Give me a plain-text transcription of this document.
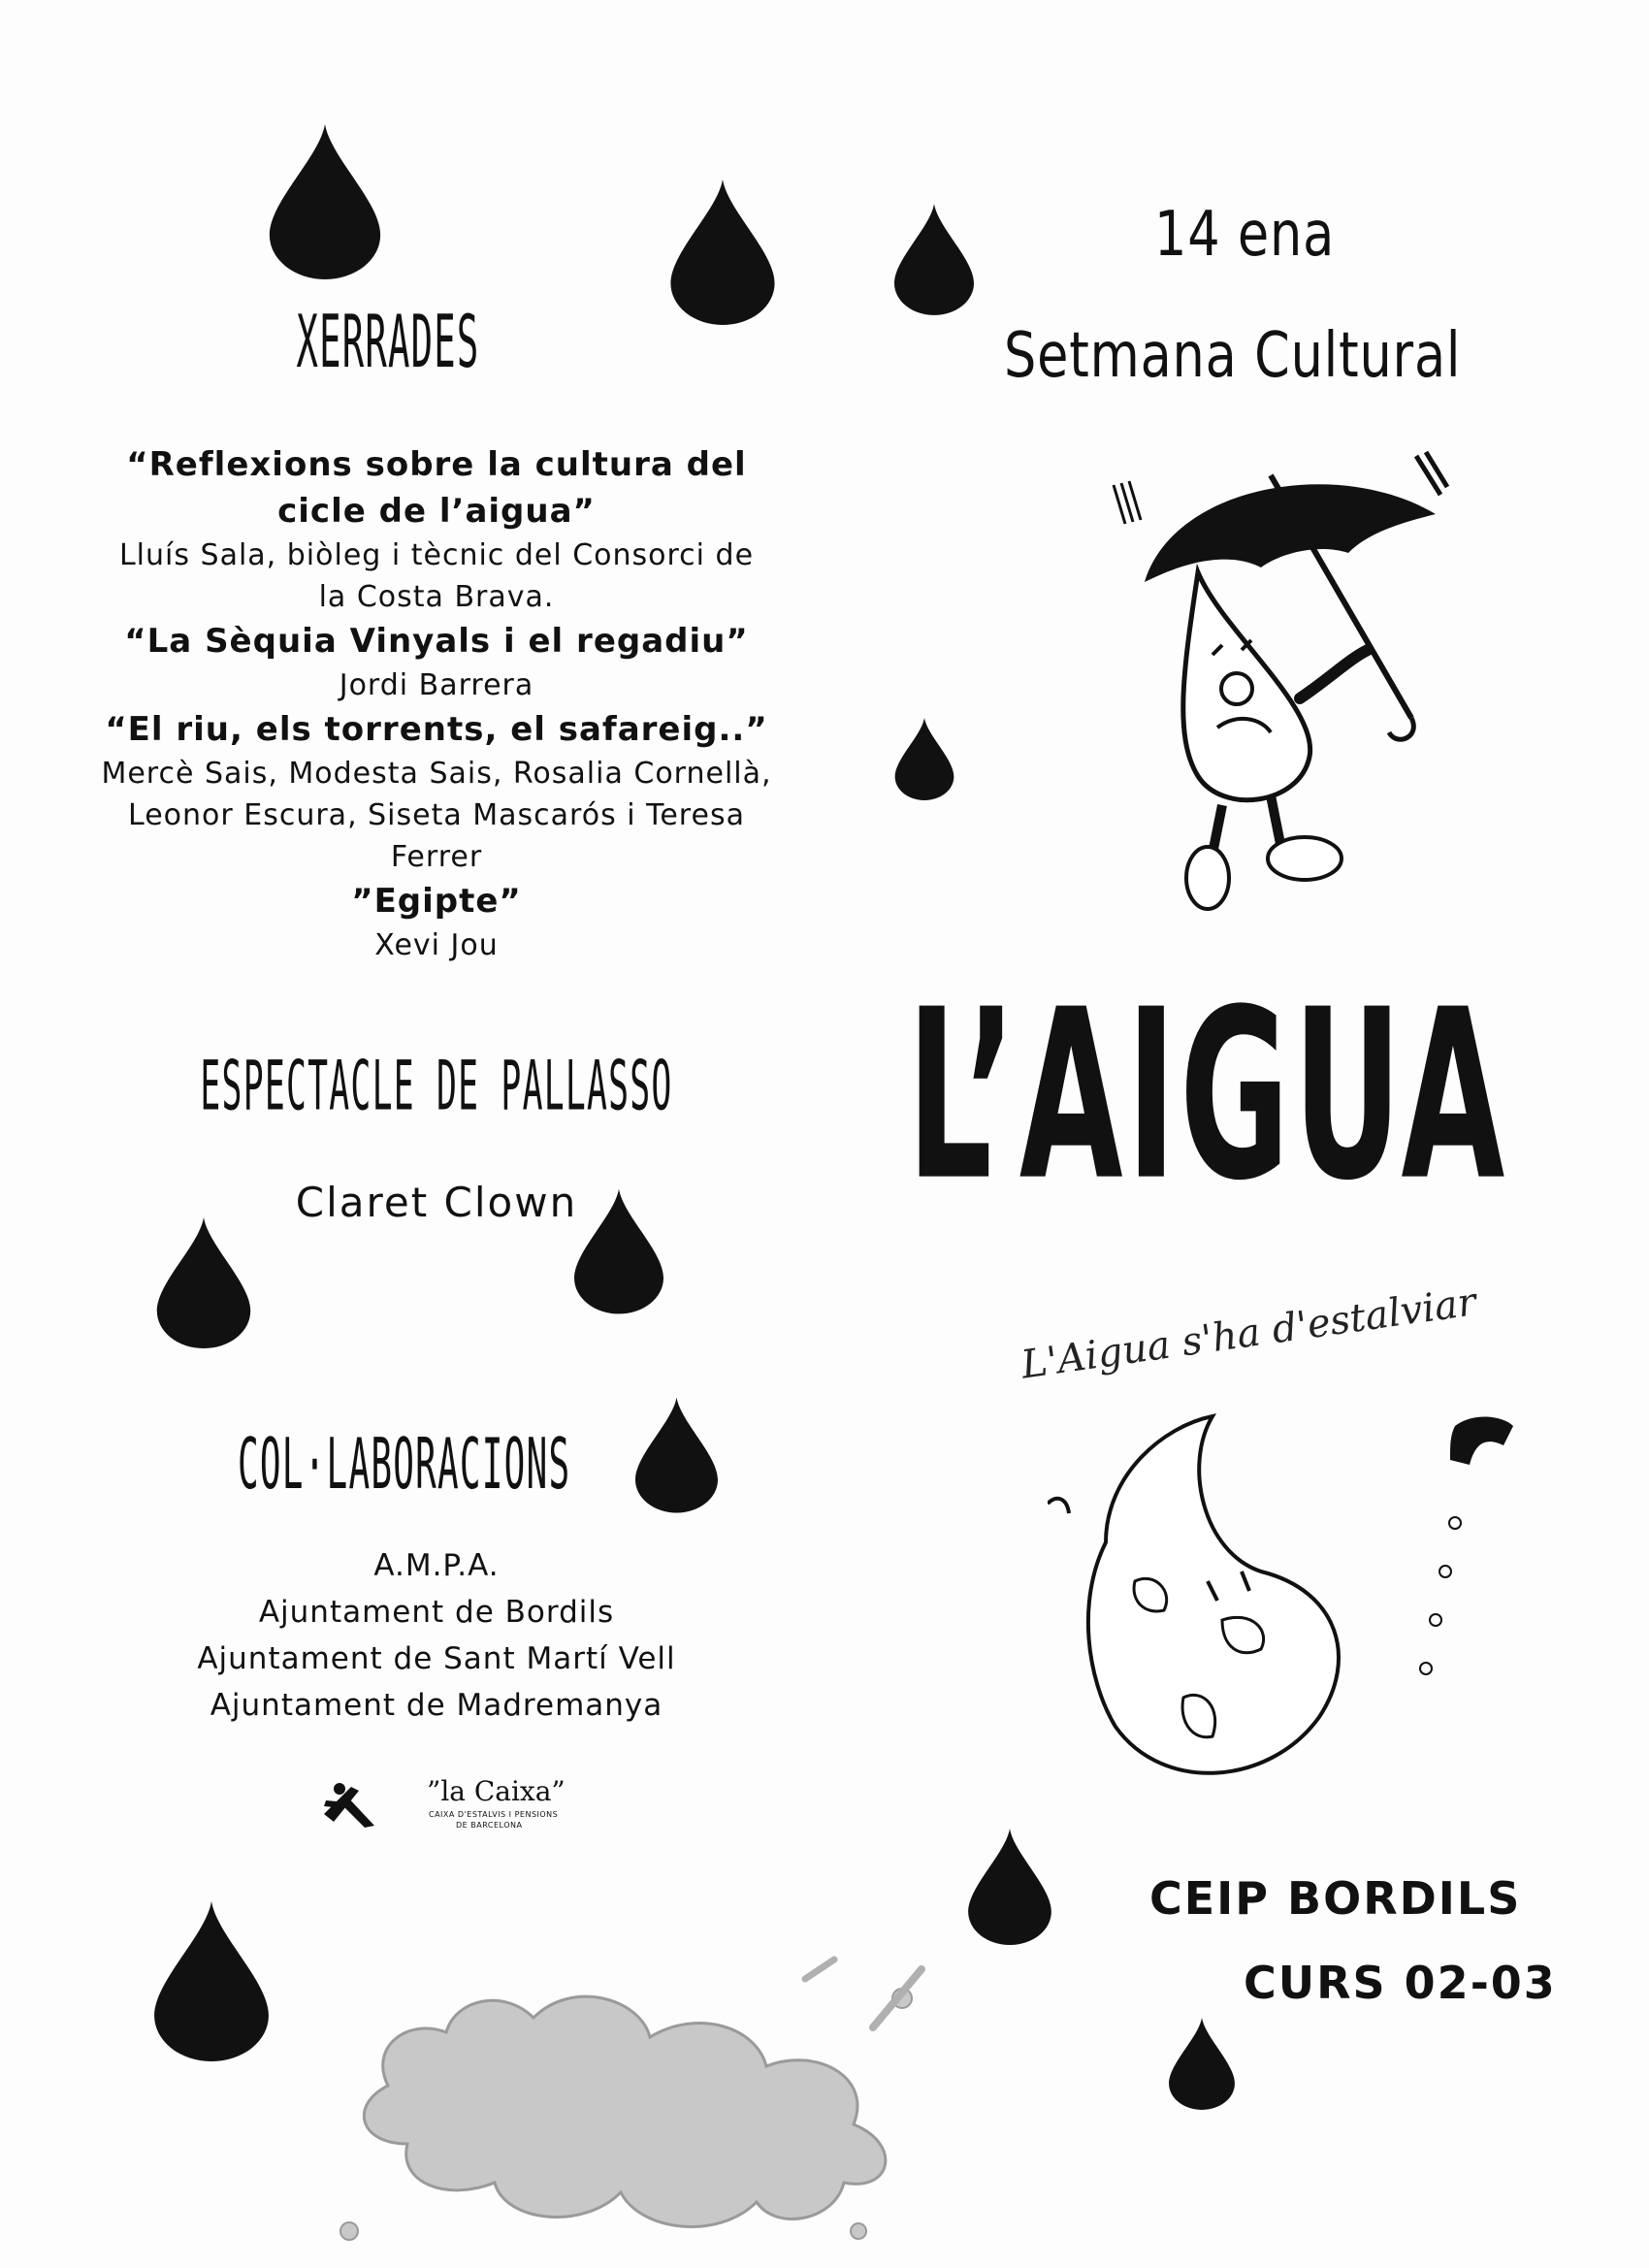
XERRADES
“Reflexions sobre la cultura del
cicle de l’aigua”
Lluís Sala, biòleg i tècnic del Consorci de
la Costa Brava.
“La Sèquia Vinyals i el regadiu”
Jordi Barrera
“El riu, els torrents, el safareig..”
Mercè Sais, Modesta Sais, Rosalia Cornellà,
Leonor Escura, Siseta Mascarós i Teresa
Ferrer
”Egipte”
Xevi Jou
ESPECTACLE DE PALLASSO
Claret Clown
COL·LABORACIONS
A.M.P.A.
Ajuntament de Bordils
Ajuntament de Sant Martí Vell
Ajuntament de Madremanya
”la Caixa”
CAIXA D'ESTALVIS I PENSIONS
DE BARCELONA
14 ena
Setmana Cultural
L’AIGUA
L'Aigua s'ha d'estalviar
CEIP BORDILS
CURS 02-03
